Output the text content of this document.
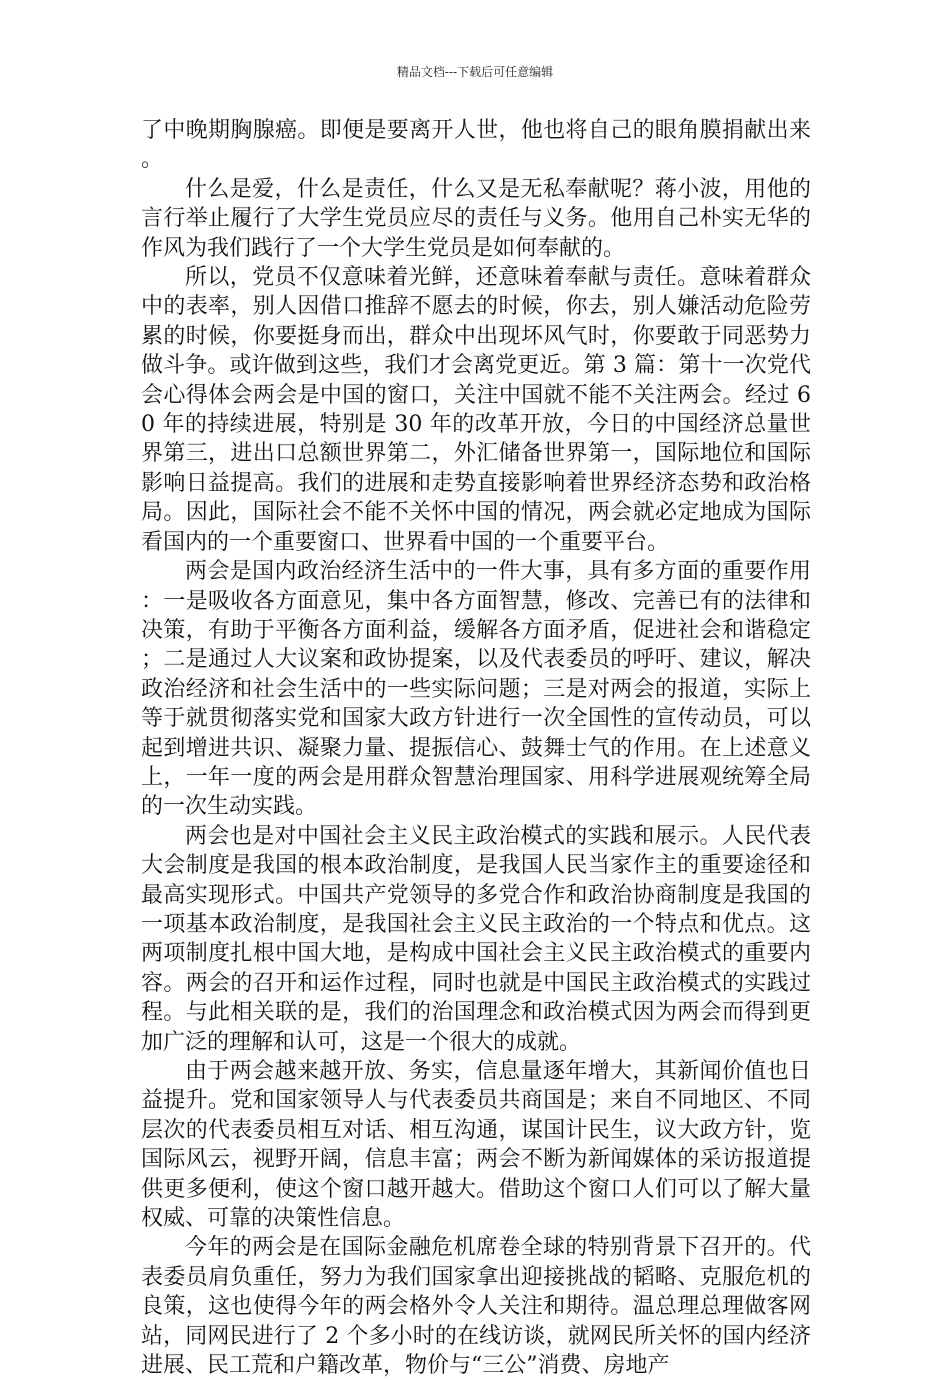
精品文档---下载后可任意编辑

了中晚期胸腺癌。即便是要离开人世，他也将自己的眼角膜捐献出来。

什么是爱，什么是责任，什么又是无私奉献呢？蒋小波，用他的言行举止履行了大学生党员应尽的责任与义务。他用自己朴实无华的作风为我们践行了一个大学生党员是如何奉献的。

所以，党员不仅意味着光鲜，还意味着奉献与责任。意味着群众中的表率，别人因借口推辞不愿去的时候，你去，别人嫌活动危险劳累的时候，你要挺身而出，群众中出现坏风气时，你要敢于同恶势力做斗争。或许做到这些，我们才会离党更近。第 3 篇：第十一次党代会心得体会两会是中国的窗口，关注中国就不能不关注两会。经过 60 年的持续进展，特别是 30 年的改革开放，今日的中国经济总量世界第三，进出口总额世界第二，外汇储备世界第一，国际地位和国际影响日益提高。我们的进展和走势直接影响着世界经济态势和政治格局。因此，国际社会不能不关怀中国的情况，两会就必定地成为国际看国内的一个重要窗口、世界看中国的一个重要平台。

两会是国内政治经济生活中的一件大事，具有多方面的重要作用：一是吸收各方面意见，集中各方面智慧，修改、完善已有的法律和决策，有助于平衡各方面利益，缓解各方面矛盾，促进社会和谐稳定；二是通过人大议案和政协提案，以及代表委员的呼吁、建议，解决政治经济和社会生活中的一些实际问题；三是对两会的报道，实际上等于就贯彻落实党和国家大政方针进行一次全国性的宣传动员，可以起到增进共识、凝聚力量、提振信心、鼓舞士气的作用。在上述意义上，一年一度的两会是用群众智慧治理国家、用科学进展观统筹全局的一次生动实践。

两会也是对中国社会主义民主政治模式的实践和展示。人民代表大会制度是我国的根本政治制度，是我国人民当家作主的重要途径和最高实现形式。中国共产党领导的多党合作和政治协商制度是我国的一项基本政治制度，是我国社会主义民主政治的一个特点和优点。这两项制度扎根中国大地，是构成中国社会主义民主政治模式的重要内容。两会的召开和运作过程，同时也就是中国民主政治模式的实践过程。与此相关联的是，我们的治国理念和政治模式因为两会而得到更加广泛的理解和认可，这是一个很大的成就。

由于两会越来越开放、务实，信息量逐年增大，其新闻价值也日益提升。党和国家领导人与代表委员共商国是；来自不同地区、不同层次的代表委员相互对话、相互沟通，谋国计民生，议大政方针，览国际风云，视野开阔，信息丰富；两会不断为新闻媒体的采访报道提供更多便利，使这个窗口越开越大。借助这个窗口人们可以了解大量权威、可靠的决策性信息。

今年的两会是在国际金融危机席卷全球的特别背景下召开的。代表委员肩负重任，努力为我们国家拿出迎接挑战的韬略、克服危机的良策，这也使得今年的两会格外令人关注和期待。温总理总理做客网站，同网民进行了 2 个多小时的在线访谈，就网民所关怀的国内经济进展、民工荒和户籍改革，物价与“三公”消费、房地产
